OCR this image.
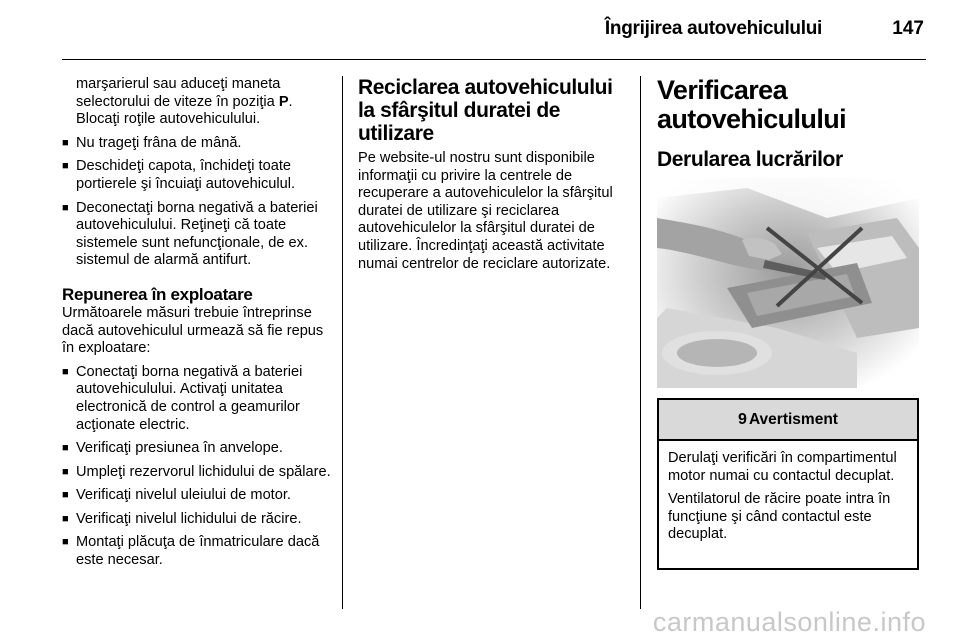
Îngrijirea autovehiculului	147

marşarierul sau aduceţi maneta selectorului de viteze în poziţia P. Blocaţi roţile autovehiculului.

■ Nu trageţi frâna de mână.
■ Deschideţi capota, închideţi toate portierele şi încuiaţi autovehiculul.
■ Deconectaţi borna negativă a bateriei autovehiculului. Reţineţi că toate sistemele sunt nefuncţionale, de ex. sistemul de alarmă antifurt.
Repunerea în exploatare

Următoarele măsuri trebuie întreprinse dacă autovehiculul urmează să fie repus în exploatare:

■ Conectaţi borna negativă a bateriei autovehiculului. Activaţi unitatea electronică de control a geamurilor acţionate electric.
■ Verificaţi presiunea în anvelope.
■ Umpleţi rezervorul lichidului de spălare.
■ Verificaţi nivelul uleiului de motor.
■ Verificaţi nivelul lichidului de răcire.
■ Montaţi plăcuţa de înmatriculare dacă este necesar.
Reciclarea autovehiculului la sfârşitul duratei de utilizare

Pe website-ul nostru sunt disponibile informaţii cu privire la centrele de recuperare a autovehiculelor la sfârşitul duratei de utilizare şi reciclarea autovehiculelor la sfârşitul duratei de utilizare. Încredinţaţi această activitate numai centrelor de reciclare autorizate.

Verificarea autovehiculului
Derularea lucrărilor
9 Avertisment

Derulaţi verificări în compartimentul motor numai cu contactul decuplat.

Ventilatorul de răcire poate intra în funcţiune şi când contactul este decuplat.

carmanualsonline.info
